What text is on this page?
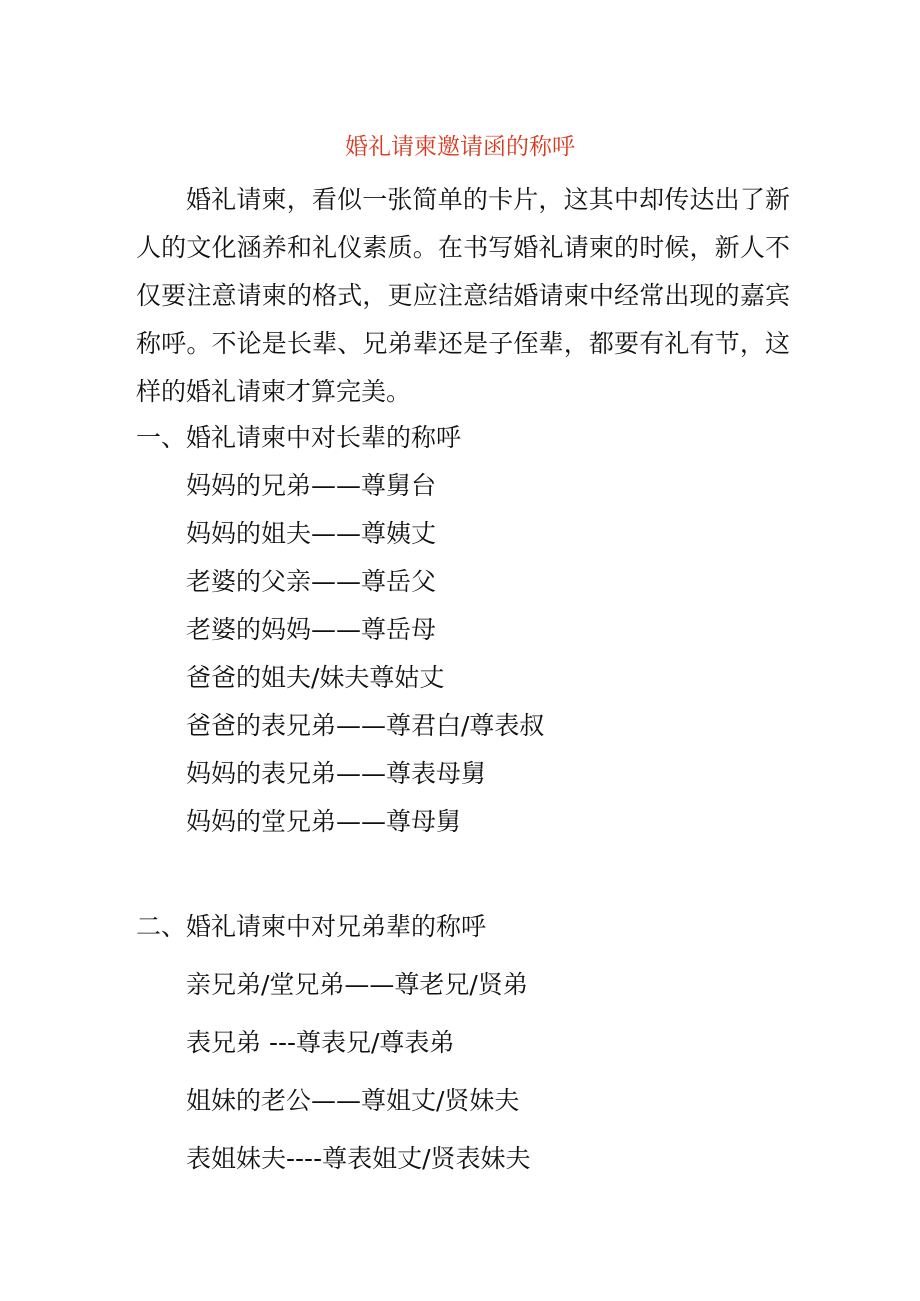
婚礼请柬邀请函的称呼

婚礼请柬，看似一张简单的卡片，这其中却传达出了新人的文化涵养和礼仪素质。在书写婚礼请柬的时候，新人不仅要注意请柬的格式，更应注意结婚请柬中经常出现的嘉宾称呼。不论是长辈、兄弟辈还是子侄辈，都要有礼有节，这样的婚礼请柬才算完美。

一、婚礼请柬中对长辈的称呼
妈妈的兄弟——尊舅台
妈妈的姐夫——尊姨丈
老婆的父亲——尊岳父
老婆的妈妈——尊岳母
爸爸的姐夫/妹夫尊姑丈
爸爸的表兄弟——尊君白/尊表叔
妈妈的表兄弟——尊表母舅
妈妈的堂兄弟——尊母舅
二、婚礼请柬中对兄弟辈的称呼
亲兄弟/堂兄弟——尊老兄/贤弟
表兄弟 ---尊表兄/尊表弟
姐妹的老公——尊姐丈/贤妹夫
表姐妹夫----尊表姐丈/贤表妹夫
